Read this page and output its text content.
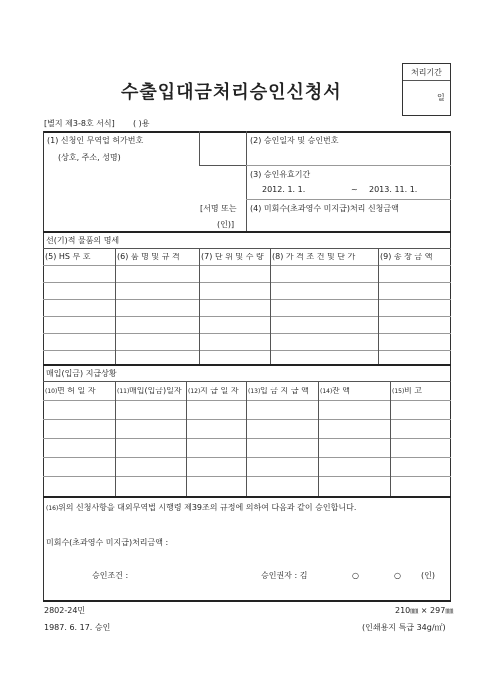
처리기간
일
수출입대금처리승인신청서
[별지 제3-8호 서식] ( )용
(1) 신청인 무역업 허가번호
(상호, 주소, 성명)
[서명 또는
(인)]
(2) 승인일자 및 승인번호
(3) 승인유효기간
2012. 1. 1.	~ 2013. 11. 1.
(4) 미회수(초과영수 미지급)처리 신청금액
선(기)적 물품의 명세
(5) HS 부 호	(6) 품 명 및 규 격	(7) 단 위 및 수 량	(8) 가 격 조 건 및 단 가	(9) 송 장 금 액
매입(입금) 지급상황
(10) 면 허 일 자	(11) 매입(입금)일자	(12) 지 급 일 자	(13) 입 금 지 급 액	(14) 잔 액	(15) 비 고
(16) 위의 신청사항을 대외무역법 시행령 제39조의 규정에 의하여 다음과 같이 승인합니다.
미회수(초과영수 미지급)처리금액 :
승인조건 :	승인권자 : 김	○	○	(인)
2802-24민	210㎜ × 297㎜
1987. 6. 17. 승인	(인쇄용지 특급 34g/㎡)
